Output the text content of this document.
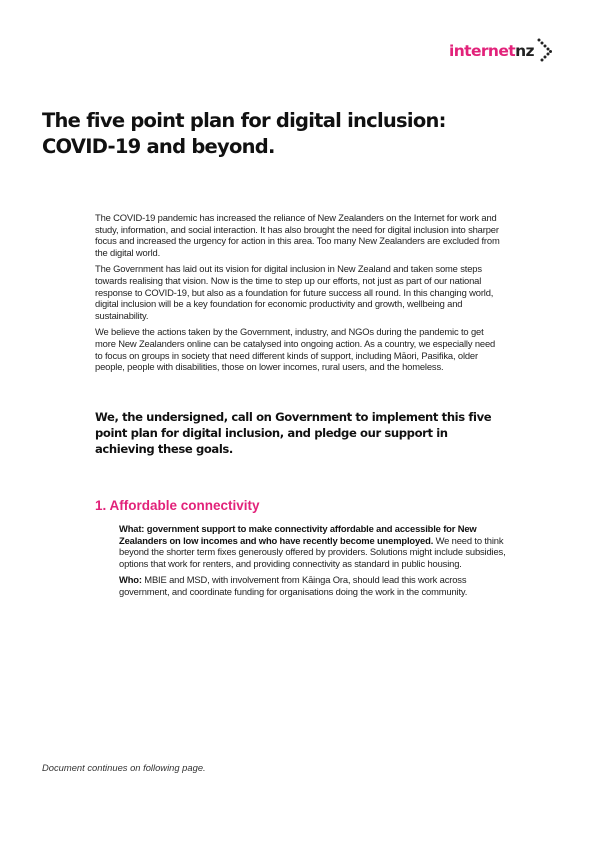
internetnz
The five point plan for digital inclusion: COVID-19 and beyond.

The COVID-19 pandemic has increased the reliance of New Zealanders on the Internet for work and study, information, and social interaction. It has also brought the need for digital inclusion into sharper focus and increased the urgency for action in this area. Too many New Zealanders are excluded from the digital world.

The Government has laid out its vision for digital inclusion in New Zealand and taken some steps towards realising that vision. Now is the time to step up our efforts, not just as part of our national response to COVID-19, but also as a foundation for future success all round. In this changing world, digital inclusion will be a key foundation for economic productivity and growth, wellbeing and sustainability.

We believe the actions taken by the Government, industry, and NGOs during the pandemic to get more New Zealanders online can be catalysed into ongoing action. As a country, we especially need to focus on groups in society that need different kinds of support, including Māori, Pasifika, older people, people with disabilities, those on lower incomes, rural users, and the homeless.

We, the undersigned, call on Government to implement this five point plan for digital inclusion, and pledge our support in achieving these goals.

1. Affordable connectivity

What: government support to make connectivity affordable and accessible for New Zealanders on low incomes and who have recently become unemployed. We need to think beyond the shorter term fixes generously offered by providers. Solutions might include subsidies, options that work for renters, and providing connectivity as standard in public housing.

Who: MBIE and MSD, with involvement from Kāinga Ora, should lead this work across government, and coordinate funding for organisations doing the work in the community.

Document continues on following page.
